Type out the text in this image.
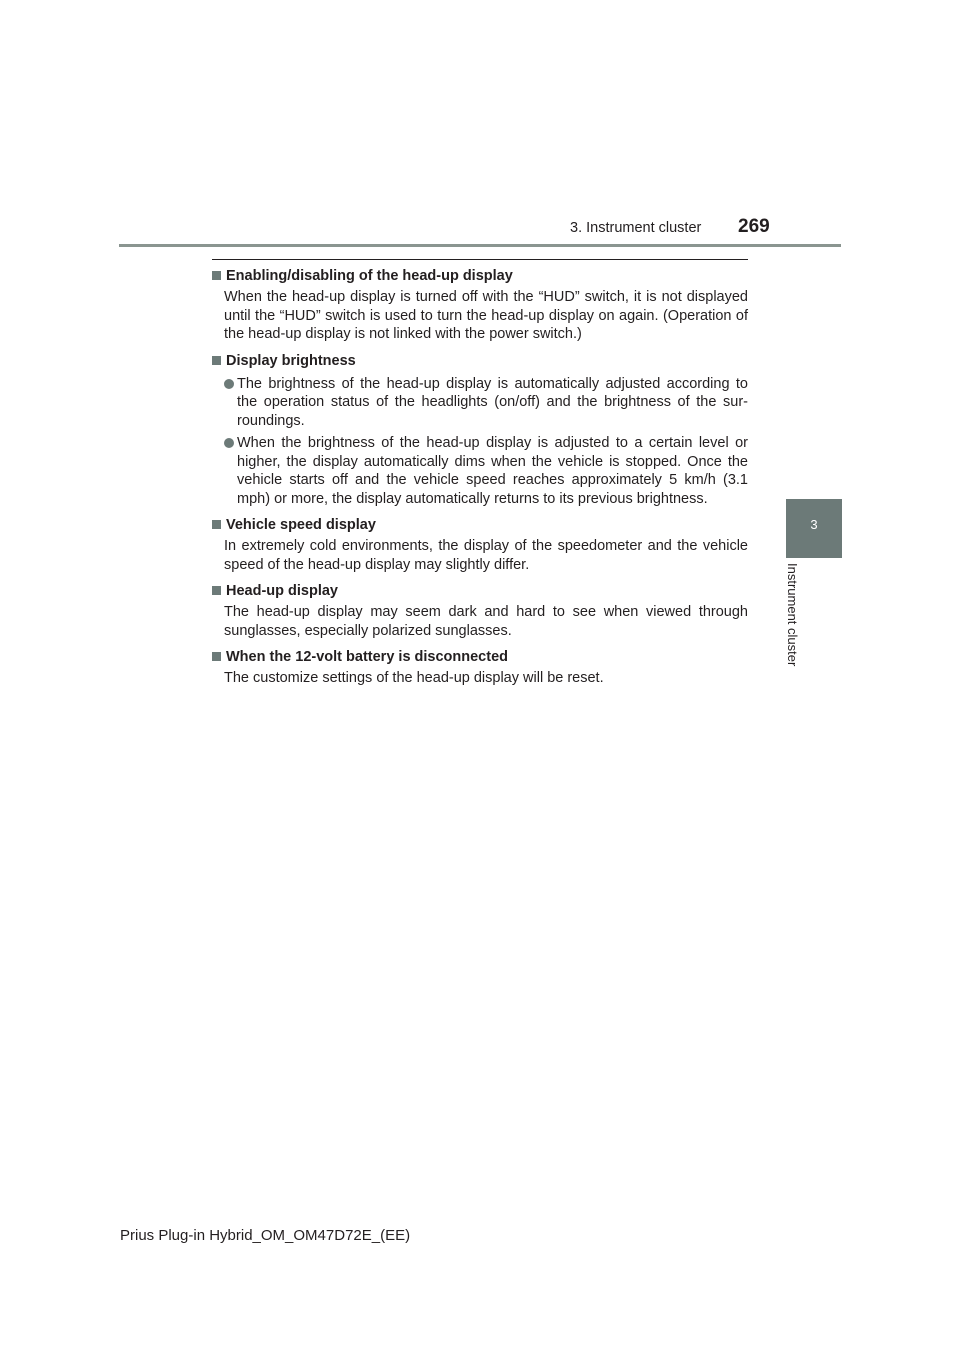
3. Instrument cluster 269
3
Instrument cluster
Enabling/disabling of the head-up display
When the head-up display is turned off with the “HUD” switch, it is not displayed until the “HUD” switch is used to turn the head-up display on again. (Operation of the head-up display is not linked with the power switch.)
Display brightness
The brightness of the head-up display is automatically adjusted according to the operation status of the headlights (on/off) and the brightness of the surroundings.
When the brightness of the head-up display is adjusted to a certain level or higher, the display automatically dims when the vehicle is stopped. Once the vehicle starts off and the vehicle speed reaches approximately 5 km/h (3.1 mph) or more, the display automatically returns to its previous brightness.
Vehicle speed display
In extremely cold environments, the display of the speedometer and the vehicle speed of the head-up display may slightly differ.
Head-up display
The head-up display may seem dark and hard to see when viewed through sunglasses, especially polarized sunglasses.
When the 12-volt battery is disconnected
The customize settings of the head-up display will be reset.
Prius Plug-in Hybrid_OM_OM47D72E_(EE)
